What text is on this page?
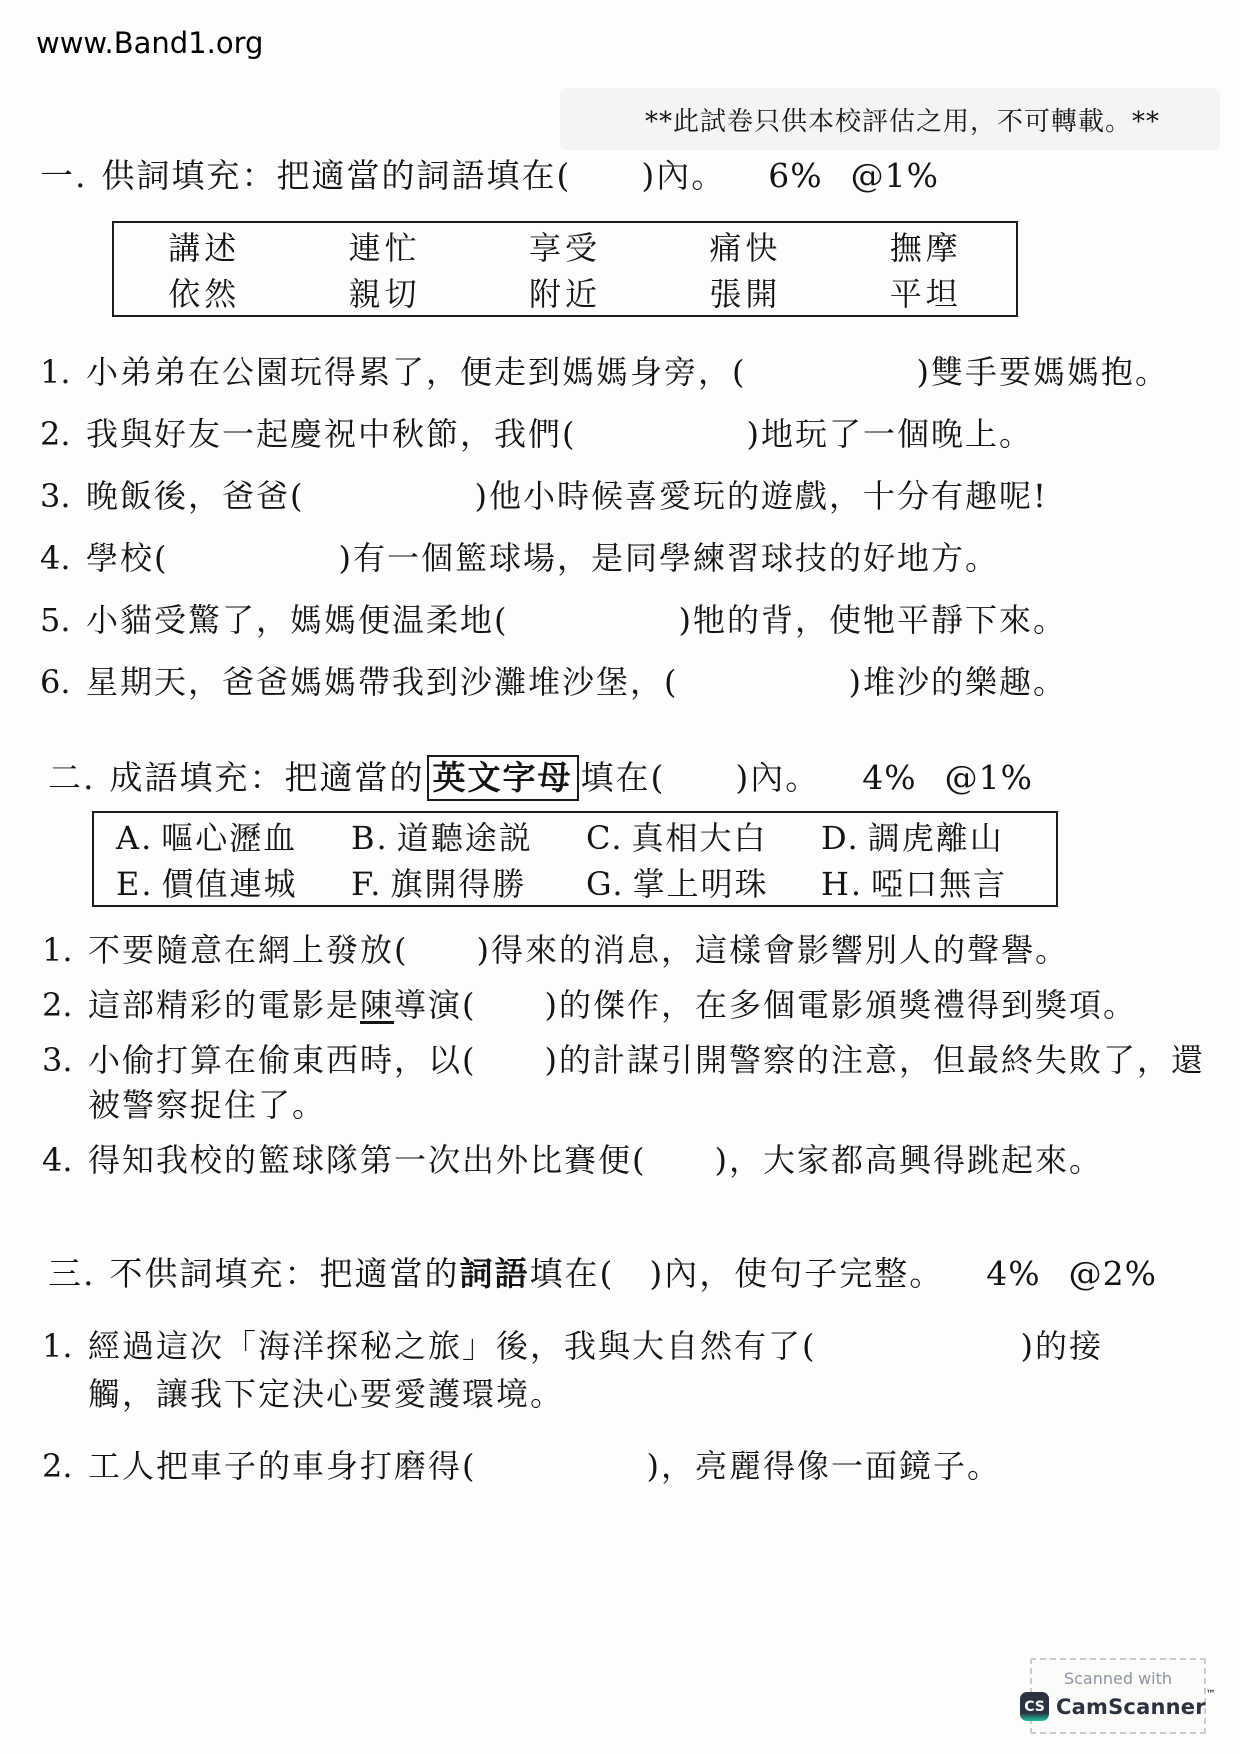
www.Band1.org
**此試卷只供本校評估之用，不可轉載。**
一. 供詞填充：把適當的詞語填在(　　)內。 6% @1%
講述	連忙	享受	痛快	撫摩
依然	親切	附近	張開	平坦
1. 小弟弟在公園玩得累了，便走到媽媽身旁，(　　　　　)雙手要媽媽抱。
2. 我與好友一起慶祝中秋節，我們(　　　　　)地玩了一個晚上。
3. 晚飯後，爸爸(　　　　　)他小時候喜愛玩的遊戲，十分有趣呢!
4. 學校(　　　　　)有一個籃球場，是同學練習球技的好地方。
5. 小貓受驚了，媽媽便温柔地(　　　　　)牠的背，使牠平靜下來。
6. 星期天，爸爸媽媽帶我到沙灘堆沙堡，(　　　　　)堆沙的樂趣。
二. 成語填充：把適當的 英文字母 填在(　　)內。 4% @1%
A. 嘔心瀝血	B. 道聽途説	C. 真相大白	D. 調虎離山
E. 價值連城	F. 旗開得勝	G. 掌上明珠	H. 啞口無言
1. 不要隨意在網上發放(　　)得來的消息，這樣會影響別人的聲譽。
2. 這部精彩的電影是陳導演(　　)的傑作，在多個電影頒獎禮得到獎項。
3. 小偷打算在偷東西時，以(　　)的計謀引開警察的注意，但最終失敗了，還被警察捉住了。
4. 得知我校的籃球隊第一次出外比賽便(　　)，大家都高興得跳起來。
三. 不供詞填充：把適當的詞語填在(　)內，使句子完整。 4% @2%
1. 經過這次「海洋探秘之旅」後，我與大自然有了(　　　　　　)的接觸，讓我下定決心要愛護環境。
2. 工人把車子的車身打磨得(　　　　　)，亮麗得像一面鏡子。
Scanned with
CS CamScanner™
